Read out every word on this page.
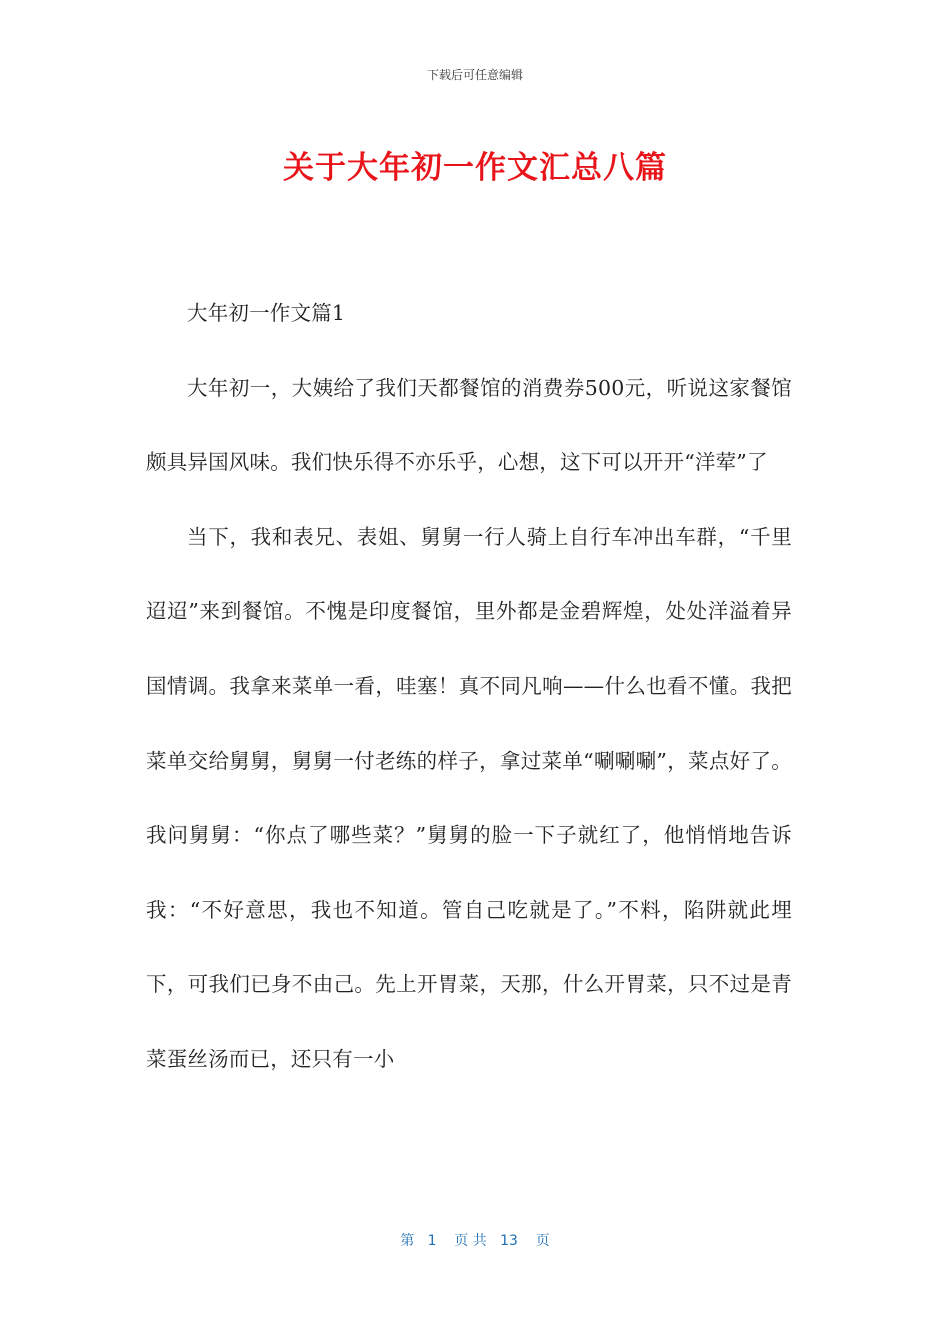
下载后可任意编辑
关于大年初一作文汇总八篇

大年初一作文篇1

大年初一，大姨给了我们天都餐馆的消费券500元，听说这家餐馆颇具异国风味。我们快乐得不亦乐乎，心想，这下可以开开“洋荤”了

当下，我和表兄、表姐、舅舅一行人骑上自行车冲出车群，“千里迢迢”来到餐馆。不愧是印度餐馆，里外都是金碧辉煌，处处洋溢着异国情调。我拿来菜单一看，哇塞！真不同凡响——什么也看不懂。我把菜单交给舅舅，舅舅一付老练的样子，拿过菜单“唰唰唰”，菜点好了。我问舅舅：“你点了哪些菜？”舅舅的脸一下子就红了，他悄悄地告诉我：“不好意思，我也不知道。管自己吃就是了。”不料，陷阱就此埋下，可我们已身不由己。先上开胃菜，天那，什么开胃菜，只不过是青菜蛋丝汤而已，还只有一小

第   1    页 共   13    页
